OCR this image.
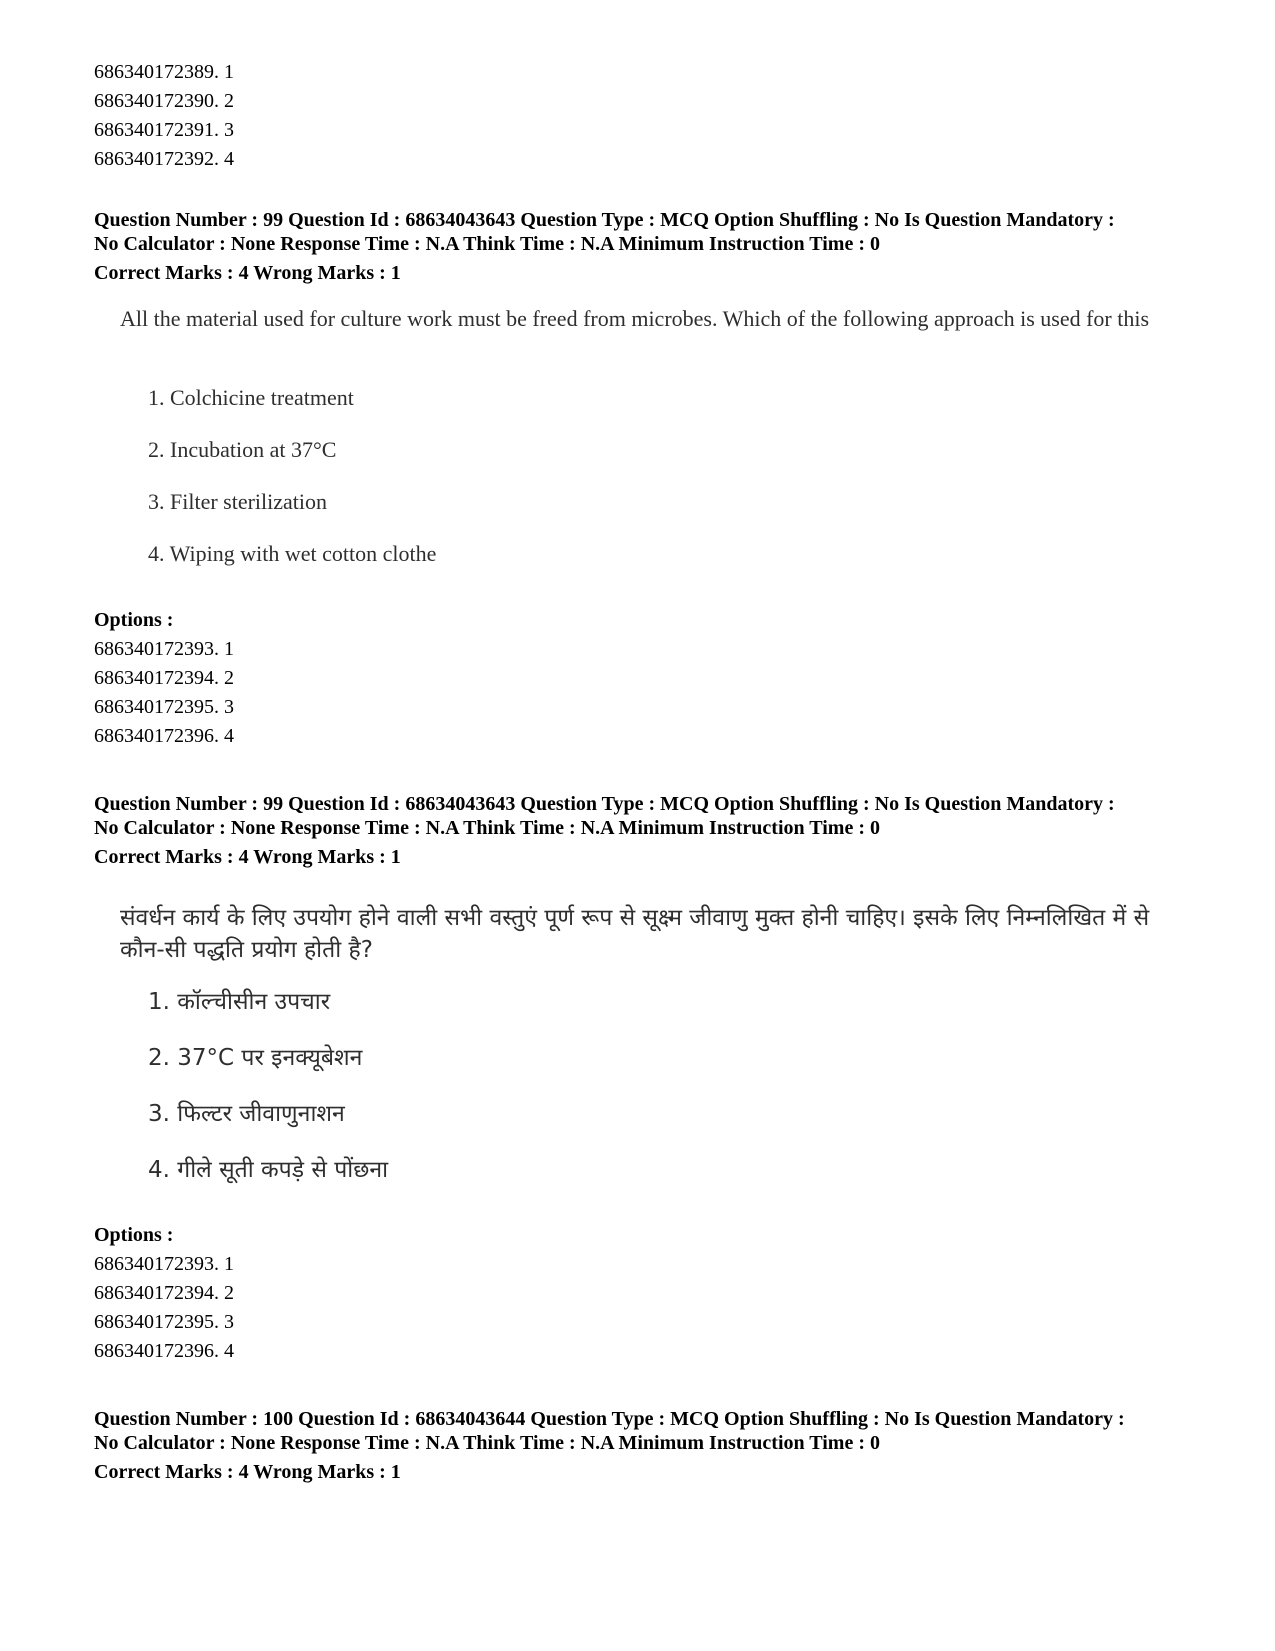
686340172389. 1
686340172390. 2
686340172391. 3
686340172392. 4
Question Number : 99 Question Id : 68634043643 Question Type : MCQ Option Shuffling : No Is Question Mandatory :
No Calculator : None Response Time : N.A Think Time : N.A Minimum Instruction Time : 0
Correct Marks : 4 Wrong Marks : 1
All the material used for culture work must be freed from microbes. Which of the following approach is used for this
1. Colchicine treatment
2. Incubation at 37°C
3. Filter sterilization
4. Wiping with wet cotton clothe
Options :
686340172393. 1
686340172394. 2
686340172395. 3
686340172396. 4
Question Number : 99 Question Id : 68634043643 Question Type : MCQ Option Shuffling : No Is Question Mandatory :
No Calculator : None Response Time : N.A Think Time : N.A Minimum Instruction Time : 0
Correct Marks : 4 Wrong Marks : 1
संवर्धन कार्य के लिए उपयोग होने वाली सभी वस्तुएं पूर्ण रूप से सूक्ष्म जीवाणु मुक्त होनी चाहिए। इसके लिए निम्नलिखित में से कौन-सी पद्धति प्रयोग होती है?
1. कॉल्चीसीन उपचार
2. 37°C पर इनक्यूबेशन
3. फिल्टर जीवाणुनाशन
4. गीले सूती कपड़े से पोंछना
Options :
686340172393. 1
686340172394. 2
686340172395. 3
686340172396. 4
Question Number : 100 Question Id : 68634043644 Question Type : MCQ Option Shuffling : No Is Question Mandatory :
No Calculator : None Response Time : N.A Think Time : N.A Minimum Instruction Time : 0
Correct Marks : 4 Wrong Marks : 1
